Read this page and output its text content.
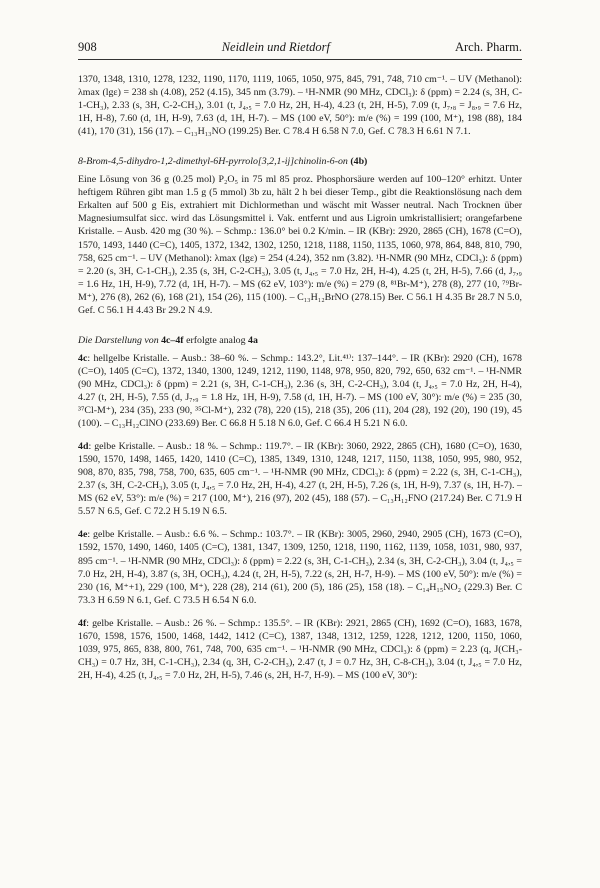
908	Neidlein und Rietdorf	Arch. Pharm.

1370, 1348, 1310, 1278, 1232, 1190, 1170, 1119, 1065, 1050, 975, 845, 791, 748, 710 cm⁻¹. – UV (Methanol): λmax (lgε) = 238 sh (4.08), 252 (4.15), 345 nm (3.79). – ¹H-NMR (90 MHz, CDCl₃): δ (ppm) = 2.24 (s, 3H, C-1-CH₃), 2.33 (s, 3H, C-2-CH₃), 3.01 (t, J₄,₅ = 7.0 Hz, 2H, H-4), 4.23 (t, 2H, H-5), 7.09 (t, J₇,₈ = J₈,₉ = 7.6 Hz, 1H, H-8), 7.60 (d, 1H, H-9), 7.63 (d, 1H, H-7). – MS (100 eV, 50°): m/e (%) = 199 (100, M⁺), 198 (88), 184 (41), 170 (31), 156 (17). – C₁₃H₁₃NO (199.25) Ber. C 78.4 H 6.58 N 7.0, Gef. C 78.3 H 6.61 N 7.1.

8-Brom-4,5-dihydro-1,2-dimethyl-6H-pyrrolo[3,2,1-ij]chinolin-6-on (4b)

Eine Lösung von 36 g (0.25 mol) P₂O₅ in 75 ml 85 proz. Phosphorsäure werden auf 100–120° erhitzt. Unter heftigem Rühren gibt man 1.5 g (5 mmol) 3b zu, hält 2 h bei dieser Temp., gibt die Reaktionslösung nach dem Erkalten auf 500 g Eis, extrahiert mit Dichlormethan und wäscht mit Wasser neutral. Nach Trocknen über Magnesiumsulfat sicc. wird das Lösungsmittel i. Vak. entfernt und aus Ligroin umkristallisiert; orangefarbene Kristalle. – Ausb. 420 mg (30 %). – Schmp.: 136.0° bei 0.2 K/min. – IR (KBr): 2920, 2865 (CH), 1678 (C=O), 1570, 1493, 1440 (C=C), 1405, 1372, 1342, 1302, 1250, 1218, 1188, 1150, 1135, 1060, 978, 864, 848, 810, 790, 758, 625 cm⁻¹. – UV (Methanol): λmax (lgε) = 254 (4.24), 352 nm (3.82). ¹H-NMR (90 MHz, CDCl₃): δ (ppm) = 2.20 (s, 3H, C-1-CH₃), 2.35 (s, 3H, C-2-CH₃), 3.05 (t, J₄,₅ = 7.0 Hz, 2H, H-4), 4.25 (t, 2H, H-5), 7.66 (d, J₇,₉ = 1.6 Hz, 1H, H-9), 7.72 (d, 1H, H-7). – MS (62 eV, 103°): m/e (%) = 279 (8, ⁸¹Br-M⁺), 278 (8), 277 (10, ⁷⁹Br-M⁺), 276 (8), 262 (6), 168 (21), 154 (26), 115 (100). – C₁₃H₁₂BrNO (278.15) Ber. C 56.1 H 4.35 Br 28.7 N 5.0, Gef. C 56.1 H 4.43 Br 29.2 N 4.9.

Die Darstellung von 4c–4f erfolgte analog 4a

4c: hellgelbe Kristalle. – Ausb.: 38–60 %. – Schmp.: 143.2°, Lit.⁴¹⁾: 137–144°. – IR (KBr): 2920 (CH), 1678 (C=O), 1405 (C=C), 1372, 1340, 1300, 1249, 1212, 1190, 1148, 978, 950, 820, 792, 650, 632 cm⁻¹. – ¹H-NMR (90 MHz, CDCl₃): δ (ppm) = 2.21 (s, 3H, C-1-CH₃), 2.36 (s, 3H, C-2-CH₃), 3.04 (t, J₄,₅ = 7.0 Hz, 2H, H-4), 4.27 (t, 2H, H-5), 7.55 (d, J₇,₉ = 1.8 Hz, 1H, H-9), 7.58 (d, 1H, H-7). – MS (100 eV, 30°): m/e (%) = 235 (30, ³⁷Cl-M⁺), 234 (35), 233 (90, ³⁵Cl-M⁺), 232 (78), 220 (15), 218 (35), 206 (11), 204 (28), 192 (20), 190 (19), 45 (100). – C₁₃H₁₂ClNO (233.69) Ber. C 66.8 H 5.18 N 6.0, Gef. C 66.4 H 5.21 N 6.0.

4d: gelbe Kristalle. – Ausb.: 18 %. – Schmp.: 119.7°. – IR (KBr): 3060, 2922, 2865 (CH), 1680 (C=O), 1630, 1590, 1570, 1498, 1465, 1420, 1410 (C=C), 1385, 1349, 1310, 1248, 1217, 1150, 1138, 1050, 995, 980, 952, 908, 870, 835, 798, 758, 700, 635, 605 cm⁻¹. – ¹H-NMR (90 MHz, CDCl₃): δ (ppm) = 2.22 (s, 3H, C-1-CH₃), 2.37 (s, 3H, C-2-CH₃), 3.05 (t, J₄,₅ = 7.0 Hz, 2H, H-4), 4.27 (t, 2H, H-5), 7.26 (s, 1H, H-9), 7.37 (s, 1H, H-7). – MS (62 eV, 53°): m/e (%) = 217 (100, M⁺), 216 (97), 202 (45), 188 (57). – C₁₃H₁₂FNO (217.24) Ber. C 71.9 H 5.57 N 6.5, Gef. C 72.2 H 5.19 N 6.5.

4e: gelbe Kristalle. – Ausb.: 6.6 %. – Schmp.: 103.7°. – IR (KBr): 3005, 2960, 2940, 2905 (CH), 1673 (C=O), 1592, 1570, 1490, 1460, 1405 (C=C), 1381, 1347, 1309, 1250, 1218, 1190, 1162, 1139, 1058, 1031, 980, 937, 895 cm⁻¹. – ¹H-NMR (90 MHz, CDCl₃): δ (ppm) = 2.22 (s, 3H, C-1-CH₃), 2.34 (s, 3H, C-2-CH₃), 3.04 (t, J₄,₅ = 7.0 Hz, 2H, H-4), 3.87 (s, 3H, OCH₃), 4.24 (t, 2H, H-5), 7.22 (s, 2H, H-7, H-9). – MS (100 eV, 50°): m/e (%) = 230 (16, M⁺+1), 229 (100, M⁺), 228 (28), 214 (61), 200 (5), 186 (25), 158 (18). – C₁₄H₁₅NO₂ (229.3) Ber. C 73.3 H 6.59 N 6.1, Gef. C 73.5 H 6.54 N 6.0.

4f: gelbe Kristalle. – Ausb.: 26 %. – Schmp.: 135.5°. – IR (KBr): 2921, 2865 (CH), 1692 (C=O), 1683, 1678, 1670, 1598, 1576, 1500, 1468, 1442, 1412 (C=C), 1387, 1348, 1312, 1259, 1228, 1212, 1200, 1150, 1060, 1039, 975, 865, 838, 800, 761, 748, 700, 635 cm⁻¹. – ¹H-NMR (90 MHz, CDCl₃): δ (ppm) = 2.23 (q, J(CH₃-CH₃) = 0.7 Hz, 3H, C-1-CH₃), 2.34 (q, 3H, C-2-CH₃), 2.47 (t, J = 0.7 Hz, 3H, C-8-CH₃), 3.04 (t, J₄,₅ = 7.0 Hz, 2H, H-4), 4.25 (t, J₄,₅ = 7.0 Hz, 2H, H-5), 7.46 (s, 2H, H-7, H-9). – MS (100 eV, 30°):
